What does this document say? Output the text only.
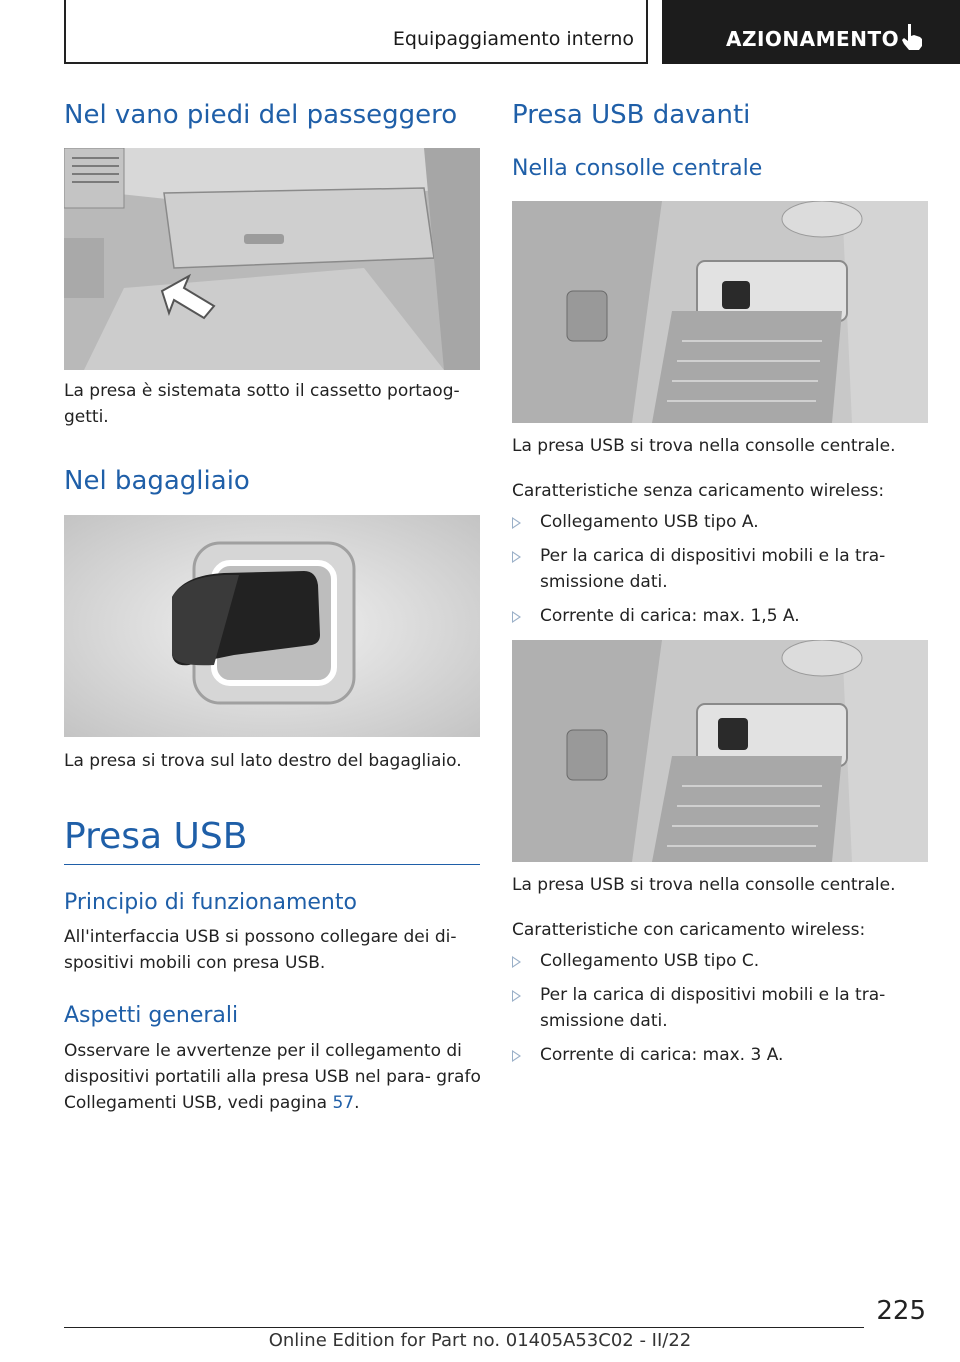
Equipaggiamento interno	AZIONAMENTO
Nel vano piedi del passeggero

La presa è sistemata sotto il cassetto portaog- getti.

Nel bagagliaio

La presa si trova sul lato destro del bagagliaio.

Presa USB
Principio di funzionamento

All'interfaccia USB si possono collegare dei di- spositivi mobili con presa USB.

Aspetti generali

Osservare le avvertenze per il collegamento di dispositivi portatili alla presa USB nel para- grafo Collegamenti USB, vedi pagina 57.

Presa USB davanti
Nella consolle centrale

La presa USB si trova nella consolle centrale.

Caratteristiche senza caricamento wireless:

Collegamento USB tipo A.
Per la carica di dispositivi mobili e la tra- smissione dati.
Corrente di carica: max. 1,5 A.

La presa USB si trova nella consolle centrale.

Caratteristiche con caricamento wireless:

Collegamento USB tipo C.
Per la carica di dispositivi mobili e la tra- smissione dati.
Corrente di carica: max. 3 A.
225
Online Edition for Part no. 01405A53C02 - II/22
